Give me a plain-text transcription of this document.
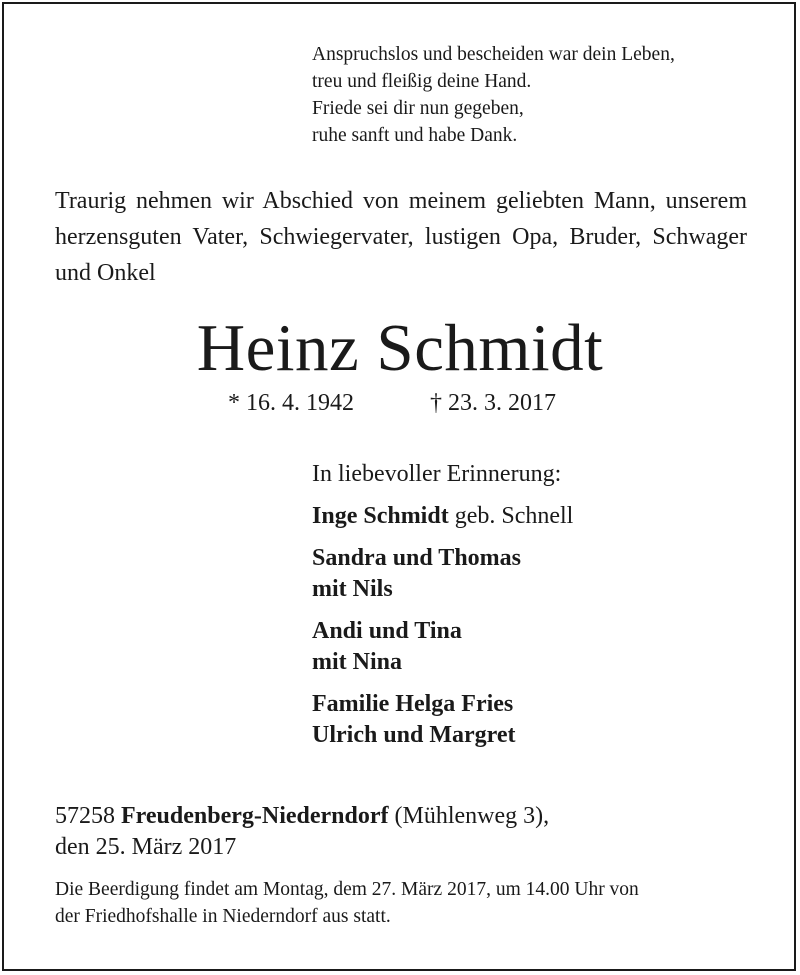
Anspruchslos und bescheiden war dein Leben,
treu und fleißig deine Hand.
Friede sei dir nun gegeben,
ruhe sanft und habe Dank.
Traurig nehmen wir Abschied von meinem geliebten Mann, unserem herzensguten Vater, Schwiegervater, lustigen Opa, Bruder, Schwager und Onkel
Heinz Schmidt
* 16. 4. 1942	† 23. 3. 2017
In liebevoller Erinnerung:
Inge Schmidt geb. Schnell
Sandra und Thomas
mit Nils
Andi und Tina
mit Nina
Familie Helga Fries
Ulrich und Margret
57258 Freudenberg-Niederndorf (Mühlenweg 3),
den 25. März 2017
Die Beerdigung findet am Montag, dem 27. März 2017, um 14.00 Uhr von
der Friedhofshalle in Niederndorf aus statt.
